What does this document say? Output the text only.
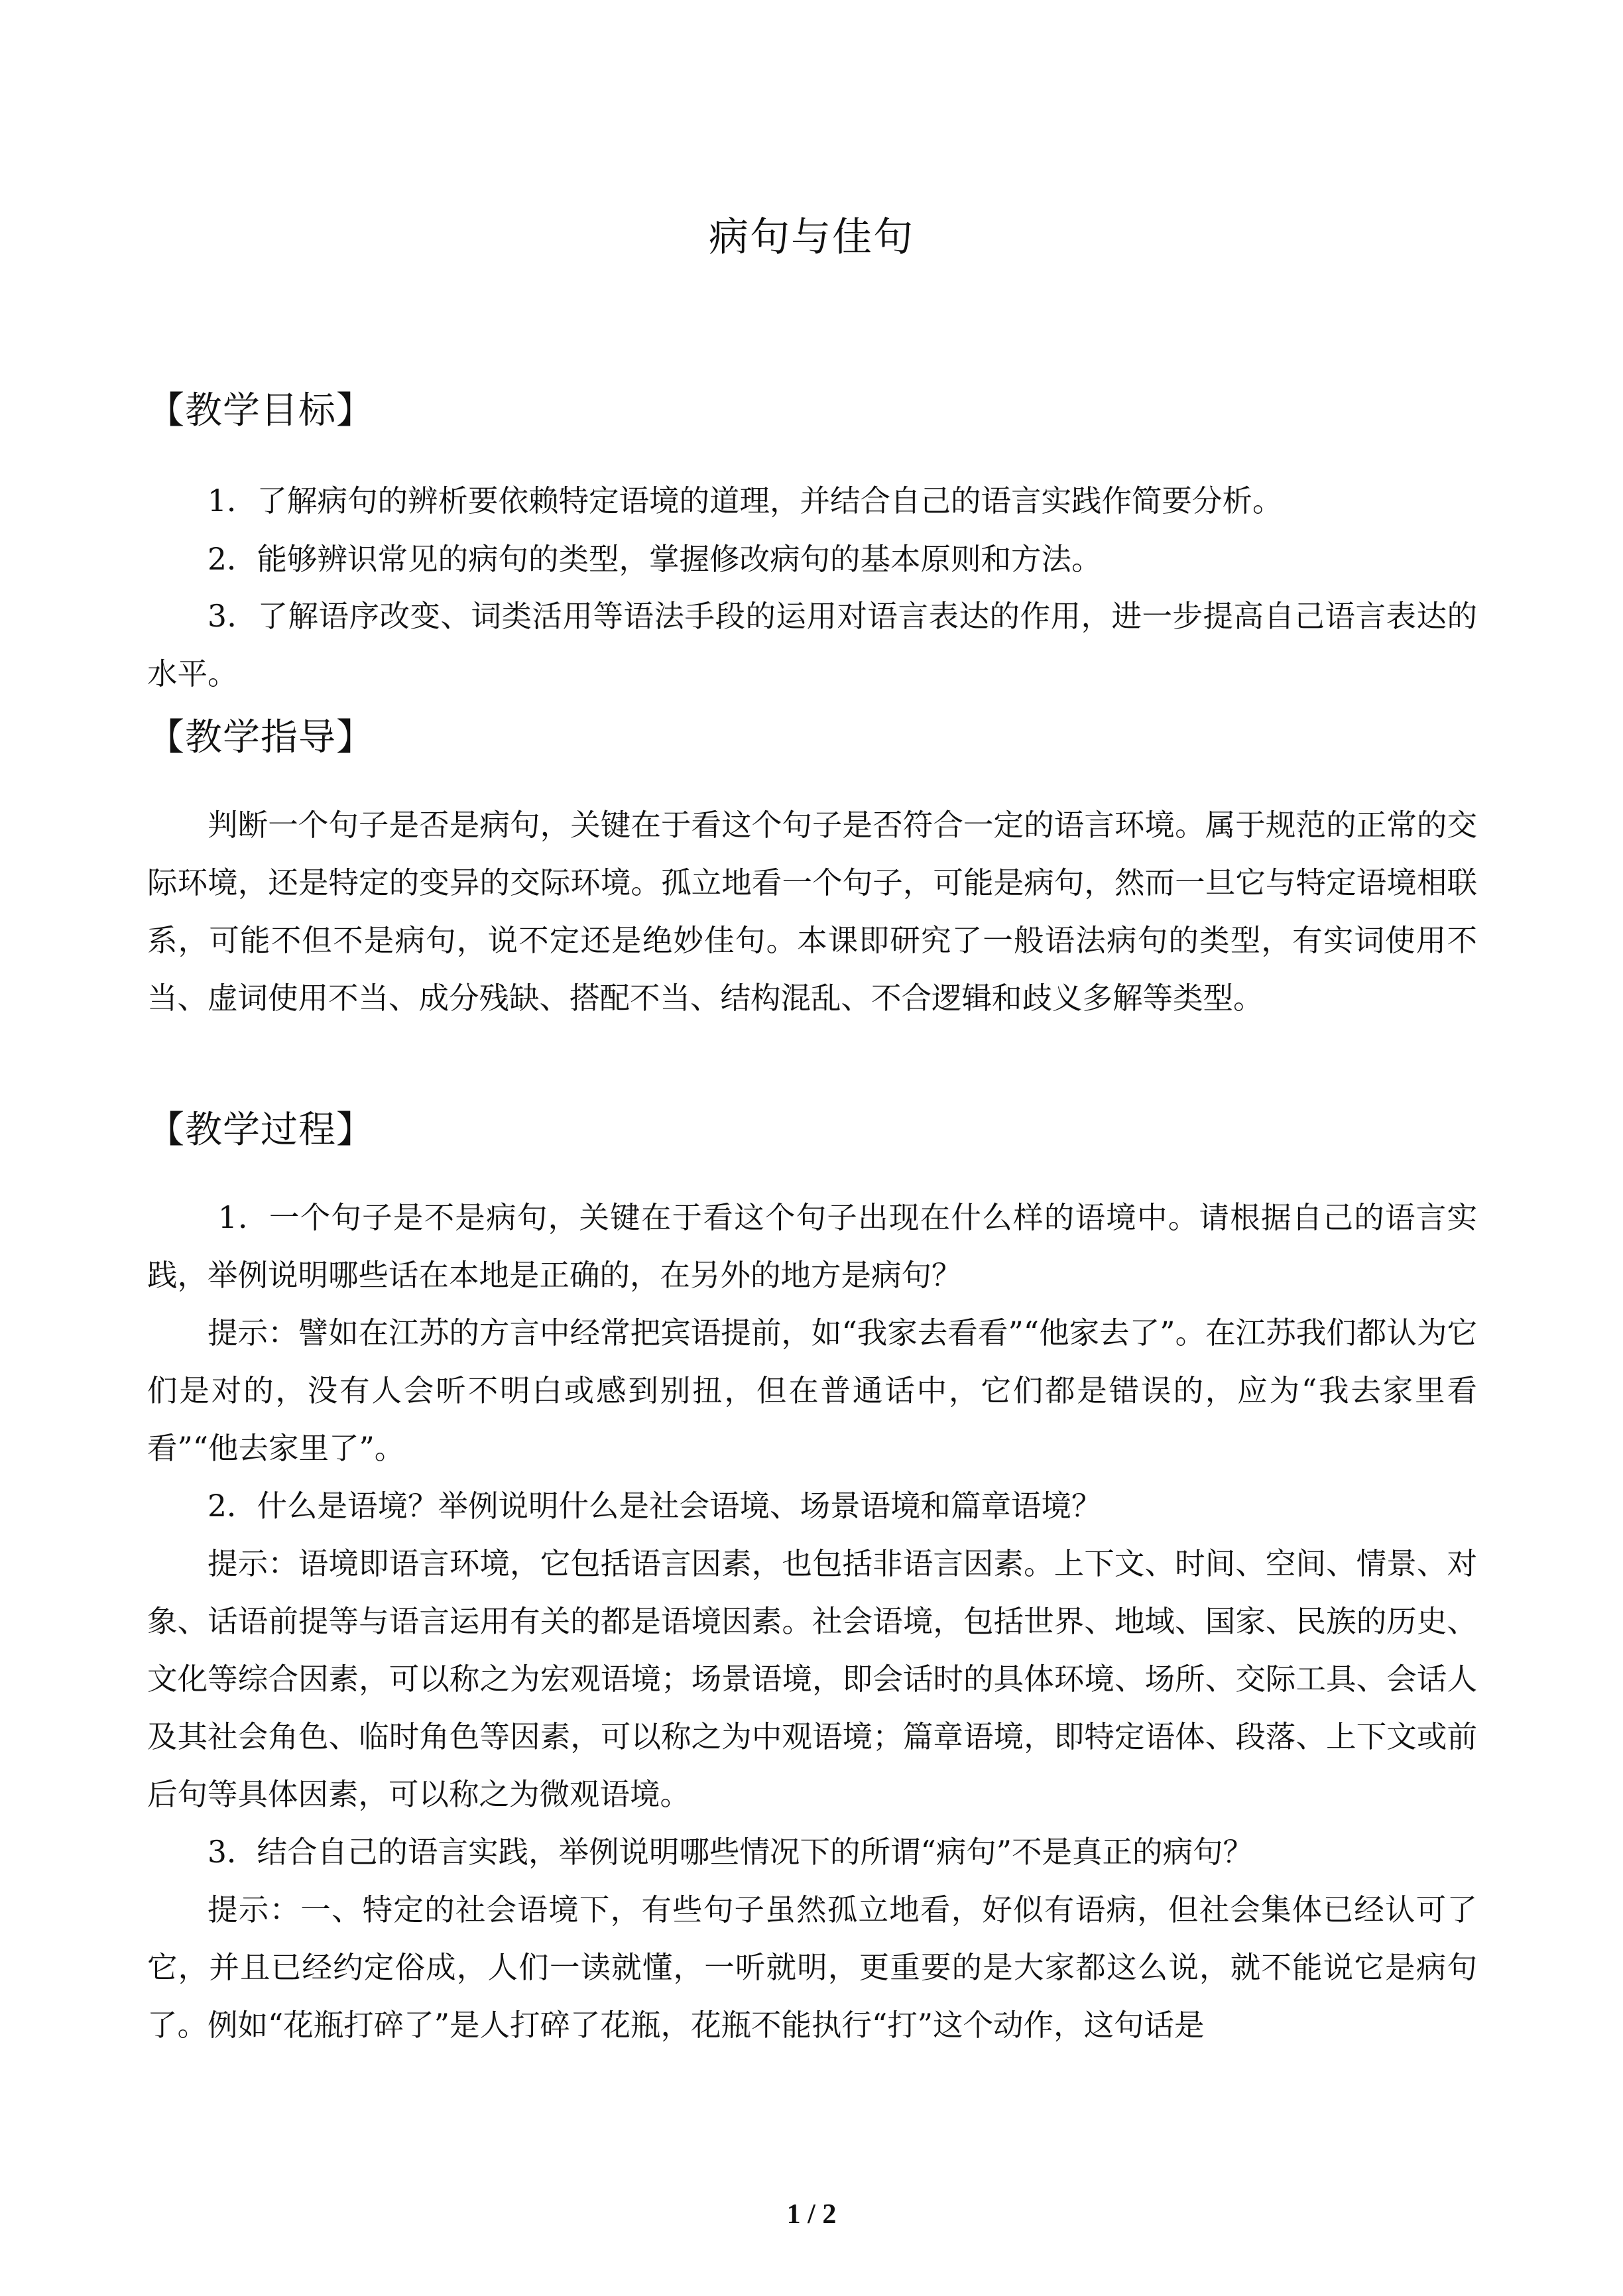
病句与佳句
【教学目标】

1．了解病句的辨析要依赖特定语境的道理，并结合自己的语言实践作简要分析。

2．能够辨识常见的病句的类型，掌握修改病句的基本原则和方法。

3．了解语序改变、词类活用等语法手段的运用对语言表达的作用，进一步提高自己语言表达的水平。

【教学指导】

判断一个句子是否是病句，关键在于看这个句子是否符合一定的语言环境。属于规范的正常的交际环境，还是特定的变异的交际环境。孤立地看一个句子，可能是病句，然而一旦它与特定语境相联系，可能不但不是病句，说不定还是绝妙佳句。本课即研究了一般语法病句的类型，有实词使用不当、虚词使用不当、成分残缺、搭配不当、结构混乱、不合逻辑和歧义多解等类型。

【教学过程】

1．一个句子是不是病句，关键在于看这个句子出现在什么样的语境中。请根据自己的语言实践，举例说明哪些话在本地是正确的，在另外的地方是病句？

提示：譬如在江苏的方言中经常把宾语提前，如“我家去看看”“他家去了”。在江苏我们都认为它们是对的，没有人会听不明白或感到别扭，但在普通话中，它们都是错误的，应为“我去家里看看”“他去家里了”。

2．什么是语境？举例说明什么是社会语境、场景语境和篇章语境？

提示：语境即语言环境，它包括语言因素，也包括非语言因素。上下文、时间、空间、情景、对象、话语前提等与语言运用有关的都是语境因素。社会语境，包括世界、地域、国家、民族的历史、文化等综合因素，可以称之为宏观语境；场景语境，即会话时的具体环境、场所、交际工具、会话人及其社会角色、临时角色等因素，可以称之为中观语境；篇章语境，即特定语体、段落、上下文或前后句等具体因素，可以称之为微观语境。

3．结合自己的语言实践，举例说明哪些情况下的所谓“病句”不是真正的病句？

提示：一、特定的社会语境下，有些句子虽然孤立地看，好似有语病，但社会集体已经认可了它，并且已经约定俗成，人们一读就懂，一听就明，更重要的是大家都这么说，就不能说它是病句了。例如“花瓶打碎了”是人打碎了花瓶，花瓶不能执行“打”这个动作，这句话是

1 / 2
